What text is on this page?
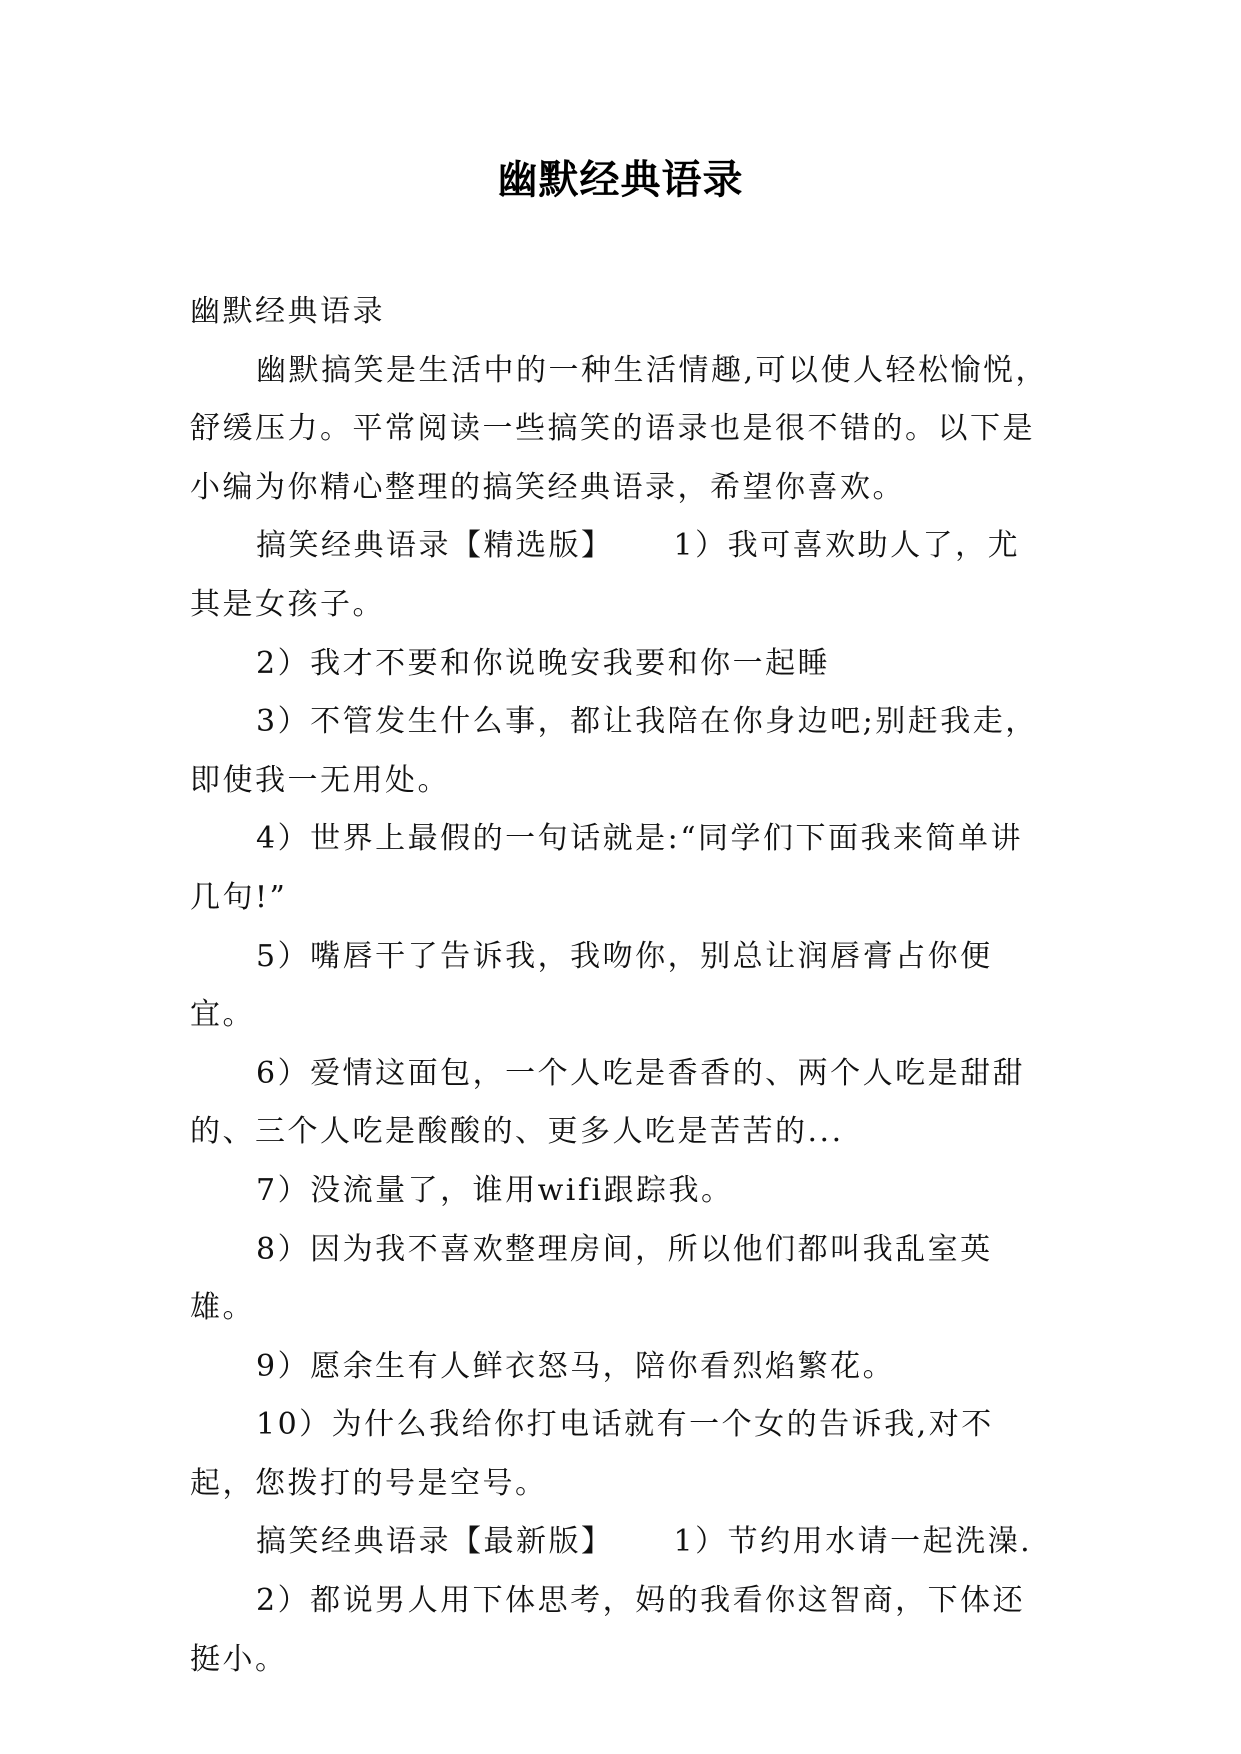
幽默经典语录

幽默经典语录

幽默搞笑是生活中的一种生活情趣,可以使人轻松愉悦，舒缓压力。平常阅读一些搞笑的语录也是很不错的。以下是小编为你精心整理的搞笑经典语录，希望你喜欢。

搞笑经典语录【精选版】 1）我可喜欢助人了，尤其是女孩子。

2）我才不要和你说晚安我要和你一起睡

3）不管发生什么事，都让我陪在你身边吧;别赶我走，即使我一无用处。

4）世界上最假的一句话就是:“同学们下面我来简单讲几句!”

5）嘴唇干了告诉我，我吻你，别总让润唇膏占你便宜。

6）爱情这面包，一个人吃是香香的、两个人吃是甜甜的、三个人吃是酸酸的、更多人吃是苦苦的...

7）没流量了，谁用wifi跟踪我。

8）因为我不喜欢整理房间，所以他们都叫我乱室英雄。

9）愿余生有人鲜衣怒马，陪你看烈焰繁花。

10）为什么我给你打电话就有一个女的告诉我,对不起，您拨打的号是空号。

搞笑经典语录【最新版】 1）节约用水请一起洗澡.

2）都说男人用下体思考，妈的我看你这智商，下体还挺小。
